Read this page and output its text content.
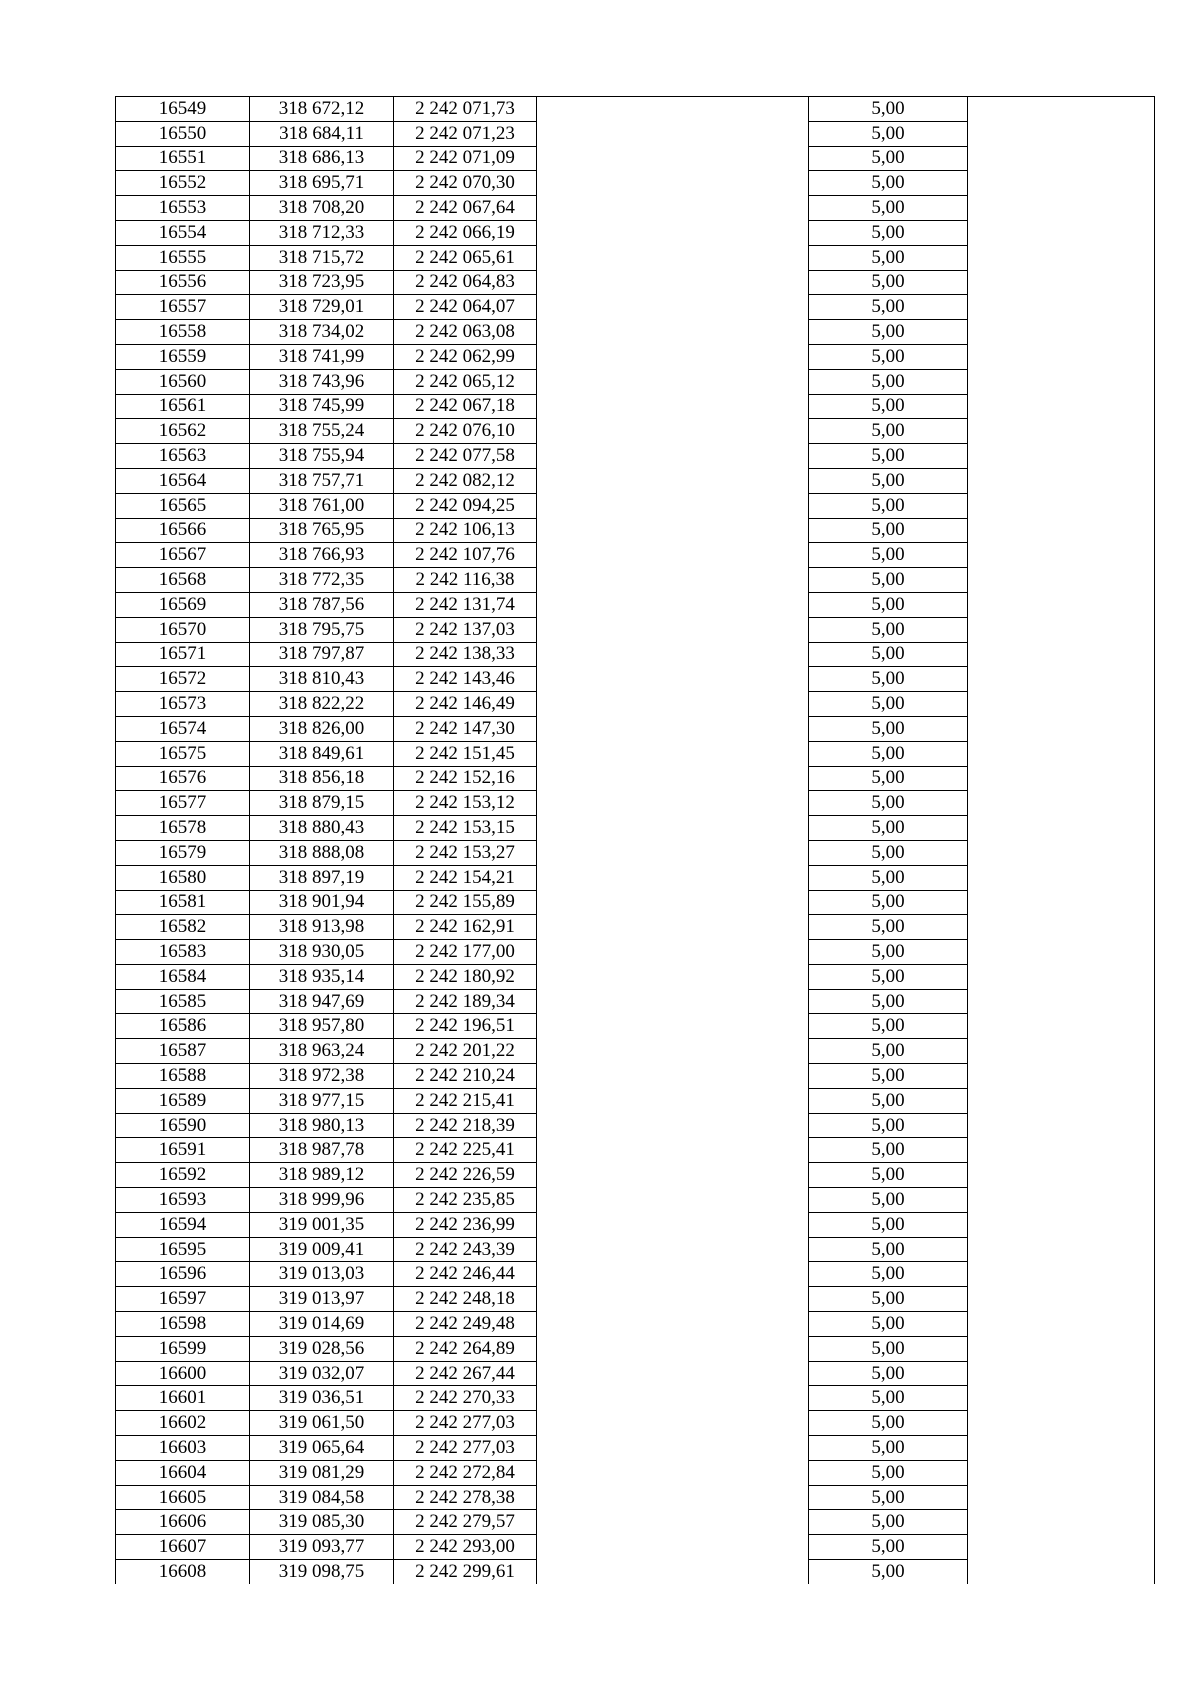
16549	318 672,12	2 242 071,73		5,00	
16550	318 684,11	2 242 071,23		5,00	
16551	318 686,13	2 242 071,09		5,00	
16552	318 695,71	2 242 070,30		5,00	
16553	318 708,20	2 242 067,64		5,00	
16554	318 712,33	2 242 066,19		5,00	
16555	318 715,72	2 242 065,61		5,00	
16556	318 723,95	2 242 064,83		5,00	
16557	318 729,01	2 242 064,07		5,00	
16558	318 734,02	2 242 063,08		5,00	
16559	318 741,99	2 242 062,99		5,00	
16560	318 743,96	2 242 065,12		5,00	
16561	318 745,99	2 242 067,18		5,00	
16562	318 755,24	2 242 076,10		5,00	
16563	318 755,94	2 242 077,58		5,00	
16564	318 757,71	2 242 082,12		5,00	
16565	318 761,00	2 242 094,25		5,00	
16566	318 765,95	2 242 106,13		5,00	
16567	318 766,93	2 242 107,76		5,00	
16568	318 772,35	2 242 116,38		5,00	
16569	318 787,56	2 242 131,74		5,00	
16570	318 795,75	2 242 137,03		5,00	
16571	318 797,87	2 242 138,33		5,00	
16572	318 810,43	2 242 143,46		5,00	
16573	318 822,22	2 242 146,49		5,00	
16574	318 826,00	2 242 147,30		5,00	
16575	318 849,61	2 242 151,45		5,00	
16576	318 856,18	2 242 152,16		5,00	
16577	318 879,15	2 242 153,12		5,00	
16578	318 880,43	2 242 153,15		5,00	
16579	318 888,08	2 242 153,27		5,00	
16580	318 897,19	2 242 154,21		5,00	
16581	318 901,94	2 242 155,89		5,00	
16582	318 913,98	2 242 162,91		5,00	
16583	318 930,05	2 242 177,00		5,00	
16584	318 935,14	2 242 180,92		5,00	
16585	318 947,69	2 242 189,34		5,00	
16586	318 957,80	2 242 196,51		5,00	
16587	318 963,24	2 242 201,22		5,00	
16588	318 972,38	2 242 210,24		5,00	
16589	318 977,15	2 242 215,41		5,00	
16590	318 980,13	2 242 218,39		5,00	
16591	318 987,78	2 242 225,41		5,00	
16592	318 989,12	2 242 226,59		5,00	
16593	318 999,96	2 242 235,85		5,00	
16594	319 001,35	2 242 236,99		5,00	
16595	319 009,41	2 242 243,39		5,00	
16596	319 013,03	2 242 246,44		5,00	
16597	319 013,97	2 242 248,18		5,00	
16598	319 014,69	2 242 249,48		5,00	
16599	319 028,56	2 242 264,89		5,00	
16600	319 032,07	2 242 267,44		5,00	
16601	319 036,51	2 242 270,33		5,00	
16602	319 061,50	2 242 277,03		5,00	
16603	319 065,64	2 242 277,03		5,00	
16604	319 081,29	2 242 272,84		5,00	
16605	319 084,58	2 242 278,38		5,00	
16606	319 085,30	2 242 279,57		5,00	
16607	319 093,77	2 242 293,00		5,00	
16608	319 098,75	2 242 299,61		5,00	
